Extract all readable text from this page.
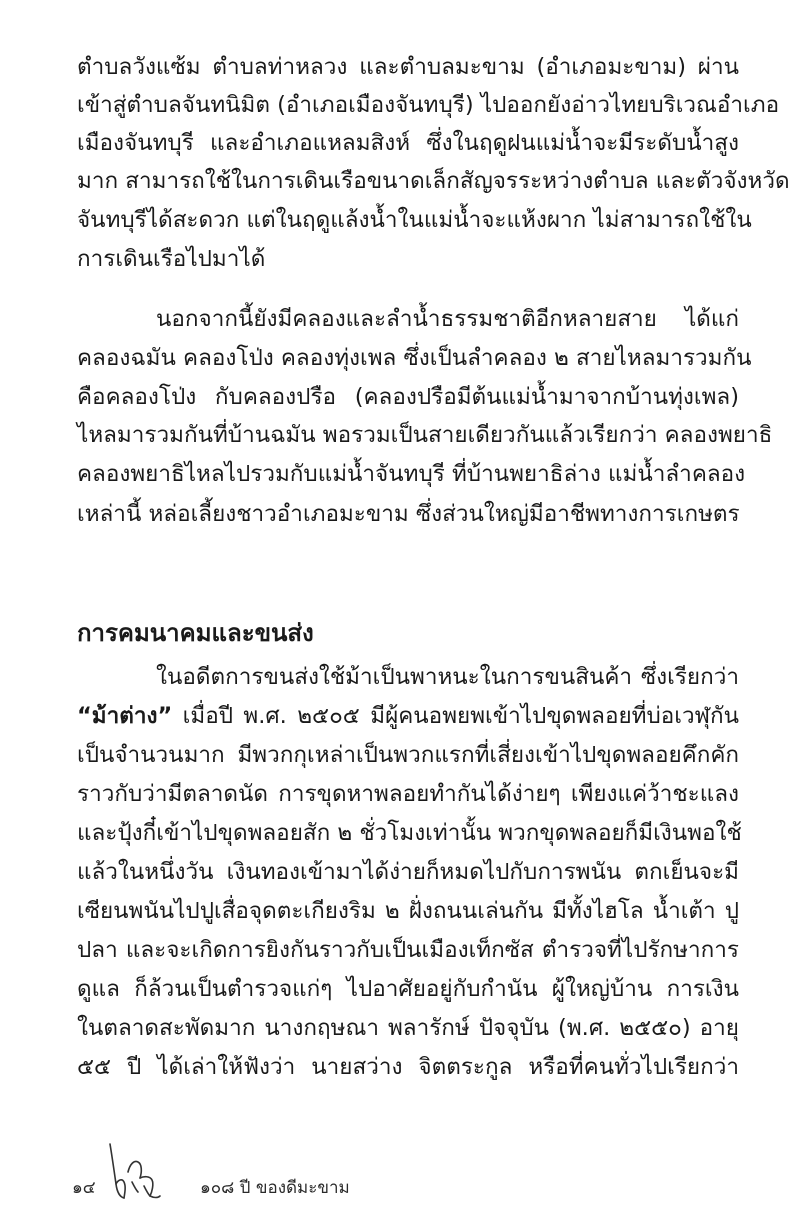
ตำบลวังแซ้ม ตำบลท่าหลวง และตำบลมะขาม (อำเภอมะขาม) ผ่าน
เข้าสู่ตำบลจันทนิมิต (อำเภอเมืองจันทบุรี) ไปออกยังอ่าวไทยบริเวณอำเภอ
เมืองจันทบุรี และอำเภอแหลมสิงห์ ซึ่งในฤดูฝนแม่น้ำจะมีระดับน้ำสูง
มาก สามารถใช้ในการเดินเรือขนาดเล็กสัญจรระหว่างตำบล และตัวจังหวัด
จันทบุรีได้สะดวก แต่ในฤดูแล้งน้ำในแม่น้ำจะแห้งผาก ไม่สามารถใช้ใน
การเดินเรือไปมาได้
นอกจากนี้ยังมีคลองและลำน้ำธรรมชาติอีกหลายสาย ได้แก่
คลองฉมัน คลองโป่ง คลองทุ่งเพล ซึ่งเป็นลำคลอง ๒ สายไหลมารวมกัน
คือคลองโป่ง กับคลองปรือ (คลองปรือมีต้นแม่น้ำมาจากบ้านทุ่งเพล)
ไหลมารวมกันที่บ้านฉมัน พอรวมเป็นสายเดียวกันแล้วเรียกว่า คลองพยาธิ
คลองพยาธิไหลไปรวมกับแม่น้ำจันทบุรี ที่บ้านพยาธิล่าง แม่น้ำลำคลอง
เหล่านี้ หล่อเลี้ยงชาวอำเภอมะขาม ซึ่งส่วนใหญ่มีอาชีพทางการเกษตร
การคมนาคมและขนส่ง
ในอดีตการขนส่งใช้ม้าเป็นพาหนะในการขนสินค้า ซึ่งเรียกว่า
“ม้าต่าง” เมื่อปี พ.ศ. ๒๕๐๕ มีผู้คนอพยพเข้าไปขุดพลอยที่บ่อเวฬุกัน
เป็นจำนวนมาก มีพวกกุเหล่าเป็นพวกแรกที่เสี่ยงเข้าไปขุดพลอยคึกคัก
ราวกับว่ามีตลาดนัด การขุดหาพลอยทำกันได้ง่ายๆ เพียงแค่ว้าชะแลง
และปุ้งกี๋เข้าไปขุดพลอยสัก ๒ ชั่วโมงเท่านั้น พวกขุดพลอยก็มีเงินพอใช้
แล้วในหนึ่งวัน เงินทองเข้ามาได้ง่ายก็หมดไปกับการพนัน ตกเย็นจะมี
เซียนพนันไปปูเสื่อจุดตะเกียงริม ๒ ฝั่งถนนเล่นกัน มีทั้งไฮโล น้ำเต้า ปู
ปลา และจะเกิดการยิงกันราวกับเป็นเมืองเท็กซัส ตำรวจที่ไปรักษาการ
ดูแล ก็ล้วนเป็นตำรวจแก่ๆ ไปอาศัยอยู่กับกำนัน ผู้ใหญ่บ้าน การเงิน
ในตลาดสะพัดมาก นางกฤษณา พลารักษ์ ปัจจุบัน (พ.ศ. ๒๕๕๐) อายุ
๕๕ ปี ได้เล่าให้ฟังว่า นายสว่าง จิตตระกูล หรือที่คนทั่วไปเรียกว่า
๑๔	๑๐๘ ปี ของดีมะขาม
